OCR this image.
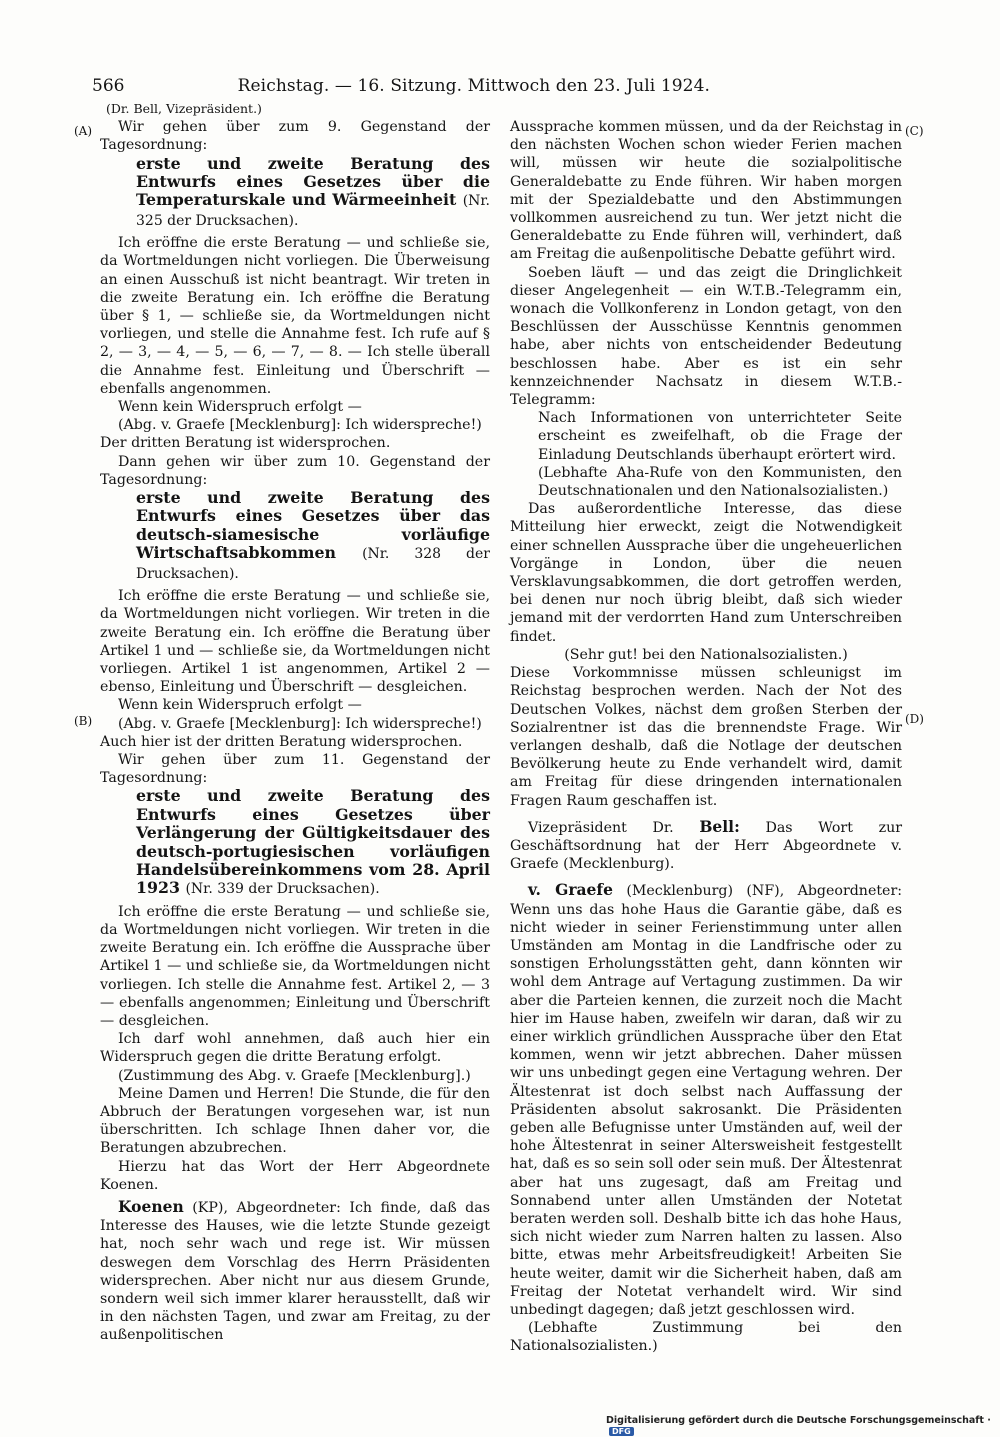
566	Reichstag. — 16. Sitzung. Mittwoch den 23. Juli 1924.
(A)
(B)
(C)
(D)

(Dr. Bell, Vizepräsident.)

Wir gehen über zum 9. Gegenstand der Tagesordnung:

erste und zweite Beratung des Entwurfs eines Gesetzes über die Temperaturskale und Wärmeeinheit (Nr. 325 der Drucksachen).

Ich eröffne die erste Beratung — und schließe sie, da Wortmeldungen nicht vorliegen. Die Überweisung an einen Ausschuß ist nicht beantragt. Wir treten in die zweite Beratung ein. Ich eröffne die Beratung über § 1, — schließe sie, da Wortmeldungen nicht vorliegen, und stelle die Annahme fest. Ich rufe auf § 2, — 3, — 4, — 5, — 6, — 7, — 8. — Ich stelle überall die Annahme fest. Einleitung und Überschrift — ebenfalls angenommen.

Wenn kein Widerspruch erfolgt —

(Abg. v. Graefe [Mecklenburg]: Ich widerspreche!)

Der dritten Beratung ist widersprochen.

Dann gehen wir über zum 10. Gegenstand der Tagesordnung:

erste und zweite Beratung des Entwurfs eines Gesetzes über das deutsch-siamesische vorläufige Wirtschaftsabkommen (Nr. 328 der Drucksachen).

Ich eröffne die erste Beratung — und schließe sie, da Wortmeldungen nicht vorliegen. Wir treten in die zweite Beratung ein. Ich eröffne die Beratung über Artikel 1 und — schließe sie, da Wortmeldungen nicht vorliegen. Artikel 1 ist angenommen, Artikel 2 — ebenso, Einleitung und Überschrift — desgleichen.

Wenn kein Widerspruch erfolgt —

(Abg. v. Graefe [Mecklenburg]: Ich widerspreche!)

Auch hier ist der dritten Beratung widersprochen.

Wir gehen über zum 11. Gegenstand der Tagesordnung:

erste und zweite Beratung des Entwurfs eines Gesetzes über Verlängerung der Gültigkeitsdauer des deutsch-portugiesischen vorläufigen Handelsübereinkommens vom 28. April 1923 (Nr. 339 der Drucksachen).

Ich eröffne die erste Beratung — und schließe sie, da Wortmeldungen nicht vorliegen. Wir treten in die zweite Beratung ein. Ich eröffne die Aussprache über Artikel 1 — und schließe sie, da Wortmeldungen nicht vorliegen. Ich stelle die Annahme fest. Artikel 2, — 3 — ebenfalls angenommen; Einleitung und Überschrift — desgleichen.

Ich darf wohl annehmen, daß auch hier ein Widerspruch gegen die dritte Beratung erfolgt.

(Zustimmung des Abg. v. Graefe [Mecklenburg].)

Meine Damen und Herren! Die Stunde, die für den Abbruch der Beratungen vorgesehen war, ist nun überschritten. Ich schlage Ihnen daher vor, die Beratungen abzubrechen.

Hierzu hat das Wort der Herr Abgeordnete Koenen.

Koenen (KP), Abgeordneter: Ich finde, daß das Interesse des Hauses, wie die letzte Stunde gezeigt hat, noch sehr wach und rege ist. Wir müssen deswegen dem Vorschlag des Herrn Präsidenten widersprechen. Aber nicht nur aus diesem Grunde, sondern weil sich immer klarer herausstellt, daß wir in den nächsten Tagen, und zwar am Freitag, zu der außenpolitischen

Aussprache kommen müssen, und da der Reichstag in den nächsten Wochen schon wieder Ferien machen will, müssen wir heute die sozialpolitische Generaldebatte zu Ende führen. Wir haben morgen mit der Spezialdebatte und den Abstimmungen vollkommen ausreichend zu tun. Wer jetzt nicht die Generaldebatte zu Ende führen will, verhindert, daß am Freitag die außenpolitische Debatte geführt wird.

Soeben läuft — und das zeigt die Dringlichkeit dieser Angelegenheit — ein W.T.B.-Telegramm ein, wonach die Vollkonferenz in London getagt, von den Beschlüssen der Ausschüsse Kenntnis genommen habe, aber nichts von entscheidender Bedeutung beschlossen habe. Aber es ist ein sehr kennzeichnender Nachsatz in diesem W.T.B.-Telegramm:

Nach Informationen von unterrichteter Seite erscheint es zweifelhaft, ob die Frage der Einladung Deutschlands überhaupt erörtert wird.

(Lebhafte Aha-Rufe von den Kommunisten, den Deutschnationalen und den Nationalsozialisten.)

Das außerordentliche Interesse, das diese Mitteilung hier erweckt, zeigt die Notwendigkeit einer schnellen Aussprache über die ungeheuerlichen Vorgänge in London, über die neuen Versklavungsabkommen, die dort getroffen werden, bei denen nur noch übrig bleibt, daß sich wieder jemand mit der verdorrten Hand zum Unterschreiben findet.

(Sehr gut! bei den Nationalsozialisten.)

Diese Vorkommnisse müssen schleunigst im Reichstag besprochen werden. Nach der Not des Deutschen Volkes, nächst dem großen Sterben der Sozialrentner ist das die brennendste Frage. Wir verlangen deshalb, daß die Notlage der deutschen Bevölkerung heute zu Ende verhandelt wird, damit am Freitag für diese dringenden internationalen Fragen Raum geschaffen ist.

Vizepräsident Dr. Bell: Das Wort zur Geschäftsordnung hat der Herr Abgeordnete v. Graefe (Mecklenburg).

v. Graefe (Mecklenburg) (NF), Abgeordneter: Wenn uns das hohe Haus die Garantie gäbe, daß es nicht wieder in seiner Ferienstimmung unter allen Umständen am Montag in die Landfrische oder zu sonstigen Erholungsstätten geht, dann könnten wir wohl dem Antrage auf Vertagung zustimmen. Da wir aber die Parteien kennen, die zurzeit noch die Macht hier im Hause haben, zweifeln wir daran, daß wir zu einer wirklich gründlichen Aussprache über den Etat kommen, wenn wir jetzt abbrechen. Daher müssen wir uns unbedingt gegen eine Vertagung wehren. Der Ältestenrat ist doch selbst nach Auffassung der Präsidenten absolut sakrosankt. Die Präsidenten geben alle Befugnisse unter Umständen auf, weil der hohe Ältestenrat in seiner Altersweisheit festgestellt hat, daß es so sein soll oder sein muß. Der Ältestenrat aber hat uns zugesagt, daß am Freitag und Sonnabend unter allen Umständen der Notetat beraten werden soll. Deshalb bitte ich das hohe Haus, sich nicht wieder zum Narren halten zu lassen. Also bitte, etwas mehr Arbeitsfreudigkeit! Arbeiten Sie heute weiter, damit wir die Sicherheit haben, daß am Freitag der Notetat verhandelt wird. Wir sind unbedingt dagegen; daß jetzt geschlossen wird.

(Lebhafte Zustimmung bei den Nationalsozialisten.)

Digitalisierung gefördert durch die Deutsche Forschungsgemeinschaft ·DFG
